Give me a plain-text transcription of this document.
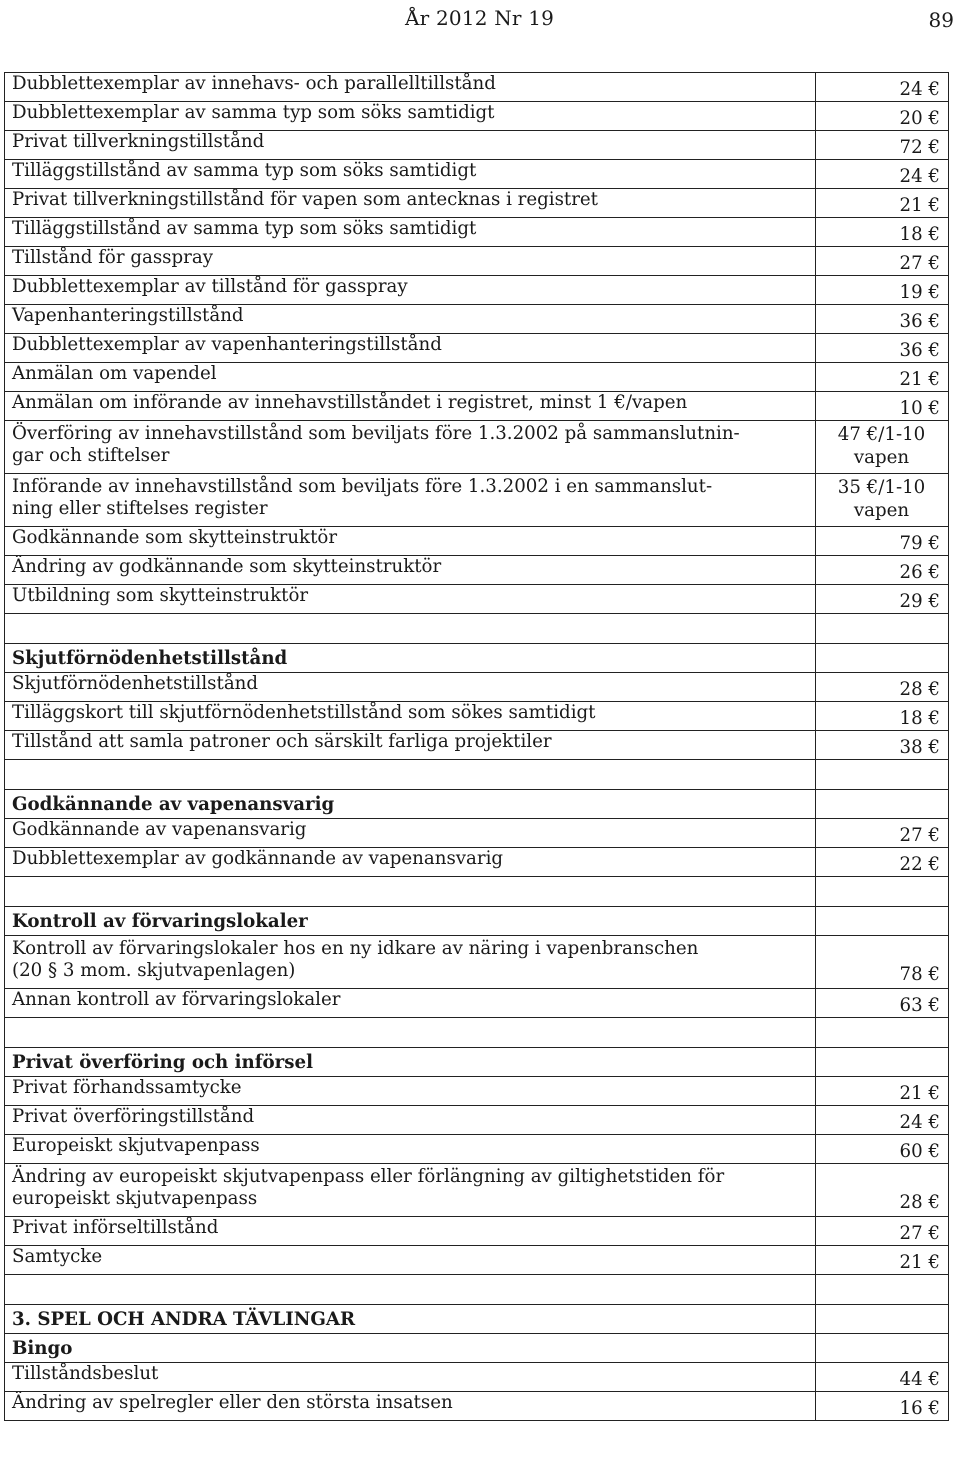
År 2012 Nr 19	89
Dubblettexemplar av innehavs- och parallelltillstånd	24 €
Dubblettexemplar av samma typ som söks samtidigt	20 €
Privat tillverkningstillstånd	72 €
Tilläggstillstånd av samma typ som söks samtidigt	24 €
Privat tillverkningstillstånd för vapen som antecknas i registret	21 €
Tilläggstillstånd av samma typ som söks samtidigt	18 €
Tillstånd för gasspray	27 €
Dubblettexemplar av tillstånd för gasspray	19 €
Vapenhanteringstillstånd	36 €
Dubblettexemplar av vapenhanteringstillstånd	36 €
Anmälan om vapendel	21 €
Anmälan om införande av innehavstillståndet i registret, minst 1 €/vapen	10 €
Överföring av innehavstillstånd som beviljats före 1.3.2002 på sammanslutnin-
gar och stiftelser	47 €/1-10
vapen
Införande av innehavstillstånd som beviljats före 1.3.2002 i en sammanslut-
ning eller stiftelses register	35 €/1-10
vapen
Godkännande som skytteinstruktör	79 €
Ändring av godkännande som skytteinstruktör	26 €
Utbildning som skytteinstruktör	29 €

Skjutförnödenhetstillstånd	
Skjutförnödenhetstillstånd	28 €
Tilläggskort till skjutförnödenhetstillstånd som sökes samtidigt	18 €
Tillstånd att samla patroner och särskilt farliga projektiler	38 €

Godkännande av vapenansvarig	
Godkännande av vapenansvarig	27 €
Dubblettexemplar av godkännande av vapenansvarig	22 €

Kontroll av förvaringslokaler	
Kontroll av förvaringslokaler hos en ny idkare av näring i vapenbranschen
(20 § 3 mom. skjutvapenlagen)	78 €
Annan kontroll av förvaringslokaler	63 €

Privat överföring och införsel	
Privat förhandssamtycke	21 €
Privat överföringstillstånd	24 €
Europeiskt skjutvapenpass	60 €
Ändring av europeiskt skjutvapenpass eller förlängning av giltighetstiden för
europeiskt skjutvapenpass	28 €
Privat införseltillstånd	27 €
Samtycke	21 €

3. SPEL OCH ANDRA TÄVLINGAR	
Bingo	
Tillståndsbeslut	44 €
Ändring av spelregler eller den största insatsen	16 €
